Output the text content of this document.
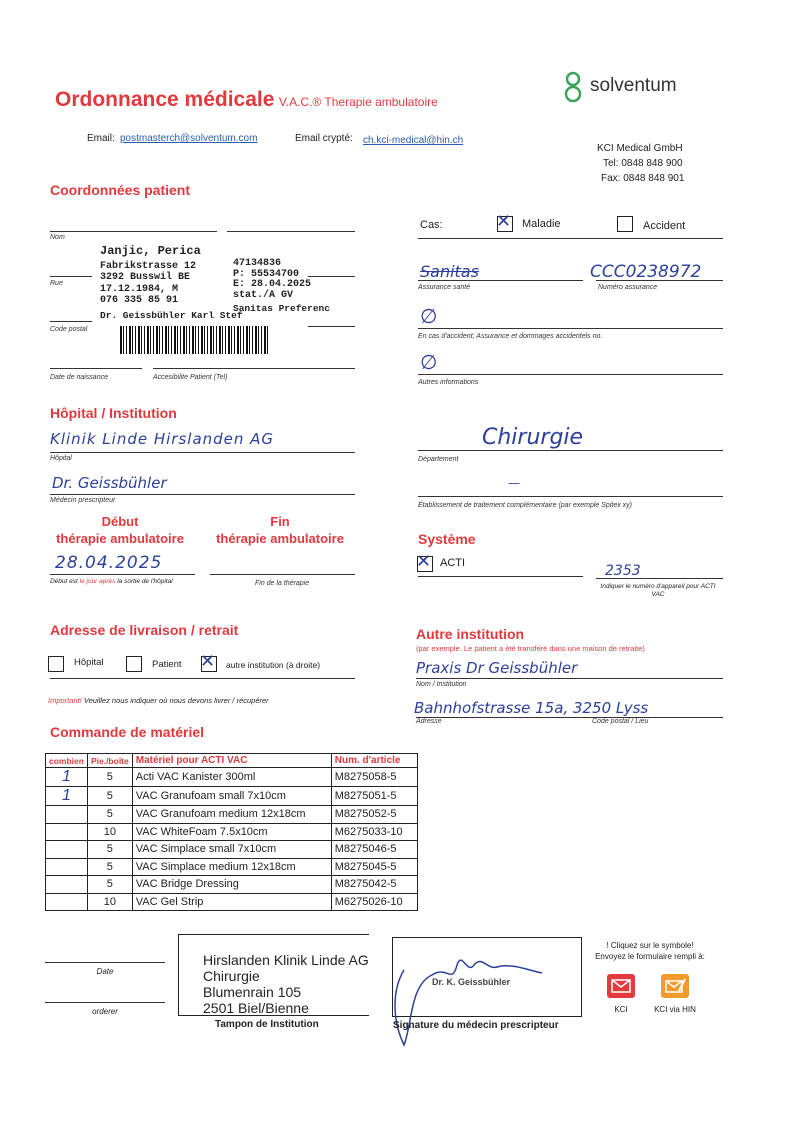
Ordonnance médicale V.A.C.® Therapie ambulatoire
solventum
Email: postmasterch@solventum.com	Email crypté: ch.kci-medical@hin.ch
KCI Medical GmbH
Tel: 0848 848 900
Fax: 0848 848 901
Coordonnées patient
Nom
Janjic, Perica
Fabrikstrasse 12
3292 Busswil BE
17.12.1984, M
076 335 85 91
Dr. Geissbühler Karl Stef
47134836
P: 55534700
E: 28.04.2025
stat./A GV
Sanitas Preferenc
Rue
Code postal
Date de naissance	Accesibilite Patient (Tel)
Cas: ✕	Maladie	Accident
Sanitas	CCC0238972
Assurance santé	Numéro assurance
∅
En cas d'accident; Assurance et dommages accidentels no.
∅
Autres informations
Hôpital / Institution
Klinik Linde Hirslanden AG
Hôpital
Dr. Geissbühler
Médecin prescripteur
Chirurgie
Département
—
Établissement de traitement complémentaire (par exemple Spitex xy)
Début
thérapie ambulatoire
Fin
thérapie ambulatoire
28.04.2025
Début est le jour après la sortie de l'hôpital	Fin de la thérapie
Système
✕
ACTI	2353
Indiquer le numéro d'appareil pour ACTI VAC
Adresse de livraison / retrait
Hôpital	Patient ✕	autre institution (à droite)
Important! Veuillez nous indiquer où nous devons livrer / récupérer
Autre institution
(par exemple. Le patient a été transféré dans une maison de retraite)
Praxis Dr Geissbühler
Nom / Institution
Bahnhofstrasse 15a, 3250 Lyss
Adresse	Code postal / Lieu
Commande de matériel
combien	Pie./boîte	Matériel pour ACTI VAC	Num. d'article
1	5	Acti VAC Kanister 300ml	M8275058-5
1	5	VAC Granufoam small 7x10cm	M8275051-5
	5	VAC Granufoam medium 12x18cm	M8275052-5
	10	VAC WhiteFoam 7.5x10cm	M6275033-10
	5	VAC Simplace small 7x10cm	M8275046-5
	5	VAC Simplace medium 12x18cm	M8275045-5
	5	VAC Bridge Dressing	M8275042-5
	10	VAC Gel Strip	M6275026-10
Date
orderer
Hirslanden Klinik Linde AG
Chirurgie
Blumenrain 105
2501 Biel/Bienne
Tampon de Institution
Dr. K. Geissbühler
Signature du médecin prescripteur
! Cliquez sur le symbole!
Envoyez le formulaire rempli à:
KCI	KCI via HIN
